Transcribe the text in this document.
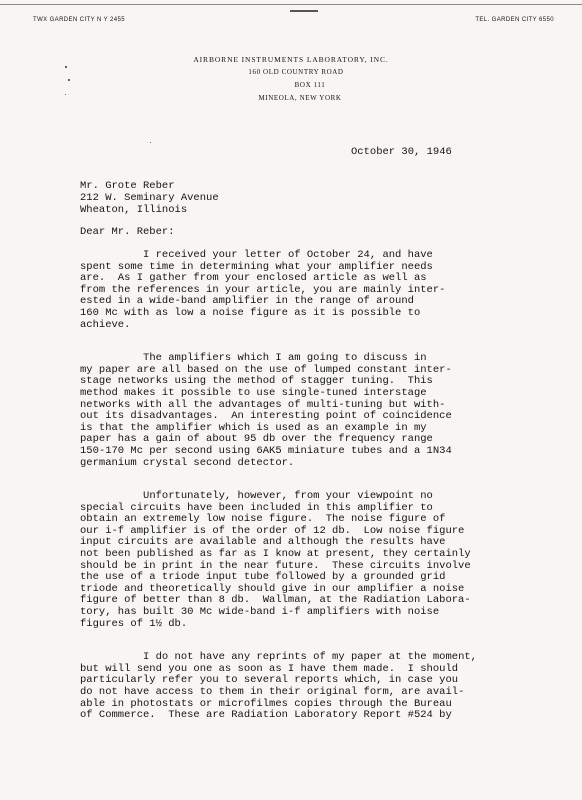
TWX GARDEN CITY N Y 2455	TEL. GARDEN CITY 6550
AIRBORNE INSTRUMENTS LABORATORY, INC.
160 OLD COUNTRY ROAD
BOX 111
MINEOLA, NEW YORK
October 30, 1946
Mr. Grote Reber
212 W. Seminary Avenue
Wheaton, Illinois
Dear Mr. Reber:

I received your letter of October 24, and have
spent some time in determining what your amplifier needs
are.  As I gather from your enclosed article as well as
from the references in your article, you are mainly inter-
ested in a wide-band amplifier in the range of around
160 Mc with as low a noise figure as it is possible to
achieve.

The amplifiers which I am going to discuss in
my paper are all based on the use of lumped constant inter-
stage networks using the method of stagger tuning.  This
method makes it possible to use single-tuned interstage
networks with all the advantages of multi-tuning but with-
out its disadvantages.  An interesting point of coincidence
is that the amplifier which is used as an example in my
paper has a gain of about 95 db over the frequency range
150-170 Mc per second using 6AK5 miniature tubes and a 1N34
germanium crystal second detector.

Unfortunately, however, from your viewpoint no
special circuits have been included in this amplifier to
obtain an extremely low noise figure.  The noise figure of
our i-f amplifier is of the order of 12 db.  Low noise figure
input circuits are available and although the results have
not been published as far as I know at present, they certainly
should be in print in the near future.  These circuits involve
the use of a triode input tube followed by a grounded grid
triode and theoretically should give in our amplifier a noise
figure of better than 8 db.  Wallman, at the Radiation Labora-
tory, has built 30 Mc wide-band i-f amplifiers with noise
figures of 1½ db.

I do not have any reprints of my paper at the moment,
but will send you one as soon as I have them made.  I should
particularly refer you to several reports which, in case you
do not have access to them in their original form, are avail-
able in photostats or microfilmes copies through the Bureau
of Commerce.  These are Radiation Laboratory Report #524 by
